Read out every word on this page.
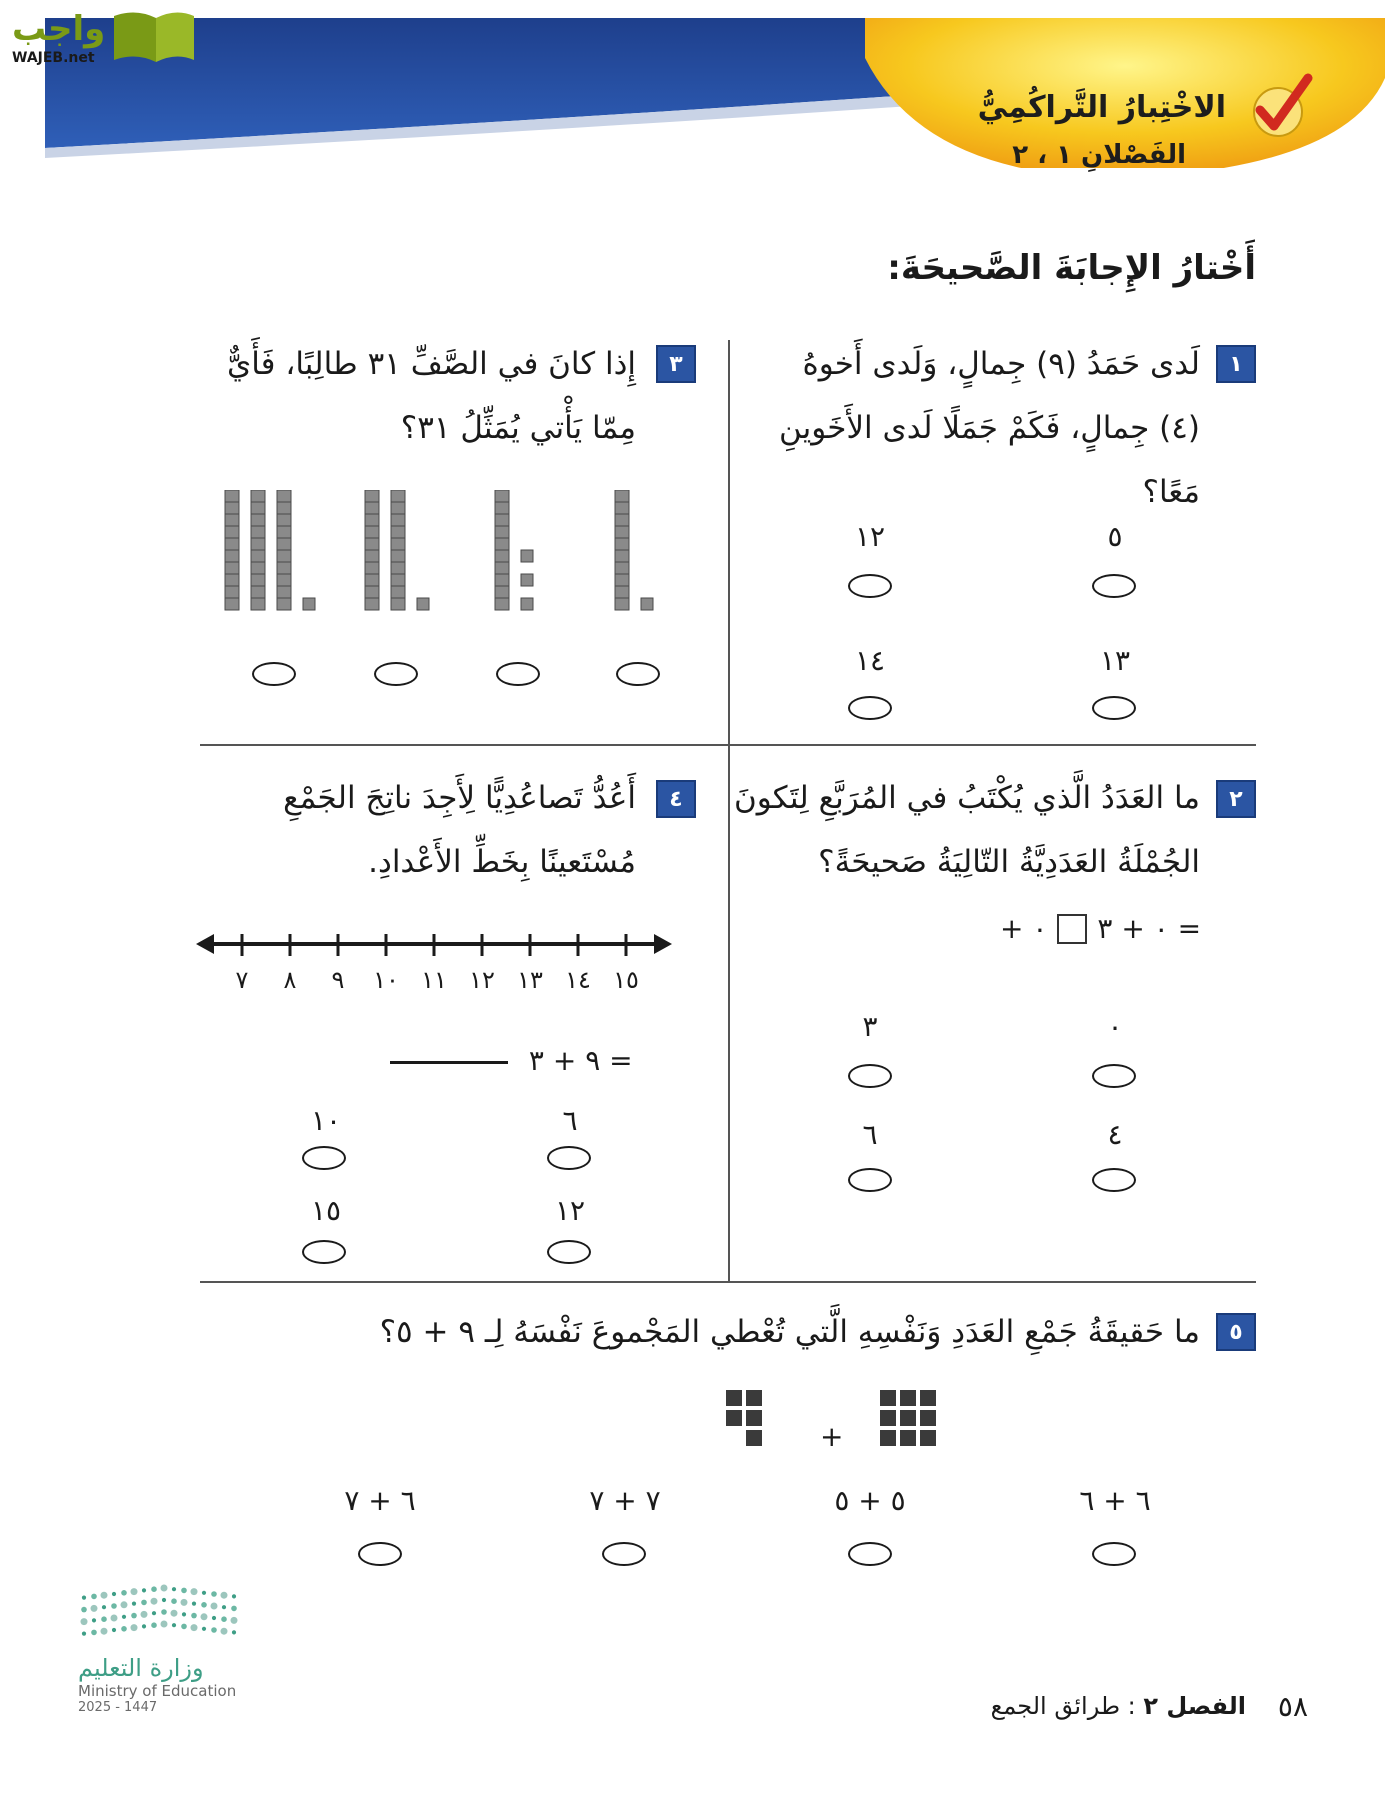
واجب
WAJEB.net
الاخْتِبارُ التَّراكُمِيُّ
الفَصْلانِ ١ ، ٢
أَخْتارُ الإِجابَةَ الصَّحيحَةَ:
١
لَدى حَمَدُ (٩) جِمالٍ، وَلَدى أَخوهُ
(٤) جِمالٍ، فَكَمْ جَمَلًا لَدى الأَخَوينِ
مَعًا؟
٥
١٢
١٣
١٤
٣
إِذا كانَ في الصَّفِّ ٣١ طالِبًا، فَأَيٌّ
مِمّا يَأْتي يُمَثِّلُ ٣١؟
٢
ما العَدَدُ الَّذي يُكْتَبُ في المُرَبَّعِ لِتَكونَ
الجُمْلَةُ العَدَدِيَّةُ التّالِيَةُ صَحيحَةً؟
+ ٠ ٠ + ٣ =
٠
٣
٤
٦
٤
أَعُدُّ تَصاعُدِيًّا لِأَجِدَ ناتِجَ الجَمْعِ
مُسْتَعينًا بِخَطِّ الأَعْدادِ.
٧ ٨ ٩ ١٠ ١١ ١٢ ١٣ ١٤ ١٥
٩ + ٣ =
٦
١٠
١٢
١٥
٥
ما حَقيقَةُ جَمْعِ العَدَدِ وَنَفْسِهِ الَّتي تُعْطي المَجْموعَ نَفْسَهُ لِـ ٩ + ٥؟
+
٦ + ٦
٥ + ٥
٧ + ٧
٦ + ٧
وزارة التعليم
Ministry of Education
2025 - 1447	الفصل ٢ : طرائق الجمع	٥٨
